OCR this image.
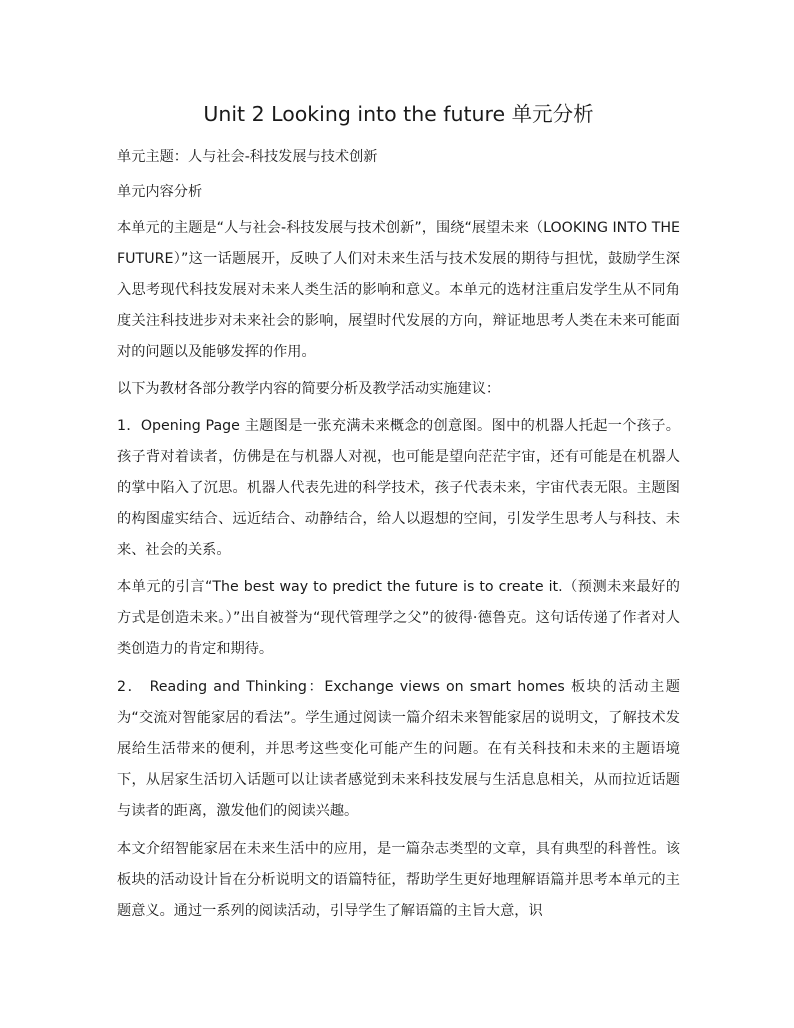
Unit 2 Looking into the future 单元分析
单元主题：人与社会-科技发展与技术创新
单元内容分析
本单元的主题是“人与社会-科技发展与技术创新”，围绕“展望未来（LOOKING INTO THE FUTURE）”这一话题展开，反映了人们对未来生活与技术发展的期待与担忧，鼓励学生深入思考现代科技发展对未来人类生活的影响和意义。本单元的选材注重启发学生从不同角度关注科技进步对未来社会的影响，展望时代发展的方向，辩证地思考人类在未来可能面对的问题以及能够发挥的作用。
以下为教材各部分教学内容的简要分析及教学活动实施建议：
1．Opening Page 主题图是一张充满未来概念的创意图。图中的机器人托起一个孩子。孩子背对着读者，仿佛是在与机器人对视，也可能是望向茫茫宇宙，还有可能是在机器人的掌中陷入了沉思。机器人代表先进的科学技术，孩子代表未来，宇宙代表无限。主题图的构图虚实结合、远近结合、动静结合，给人以遐想的空间，引发学生思考人与科技、未来、社会的关系。
本单元的引言“The best way to predict the future is to create it.（预测未来最好的方式是创造未来。）”出自被誉为“现代管理学之父”的彼得·德鲁克。这句话传递了作者对人类创造力的肯定和期待。
2． Reading and Thinking：Exchange views on smart homes 板块的活动主题为“交流对智能家居的看法”。学生通过阅读一篇介绍未来智能家居的说明文，了解技术发展给生活带来的便利，并思考这些变化可能产生的问题。在有关科技和未来的主题语境下，从居家生活切入话题可以让读者感觉到未来科技发展与生活息息相关，从而拉近话题与读者的距离，激发他们的阅读兴趣。
本文介绍智能家居在未来生活中的应用，是一篇杂志类型的文章，具有典型的科普性。该板块的活动设计旨在分析说明文的语篇特征，帮助学生更好地理解语篇并思考本单元的主题意义。通过一系列的阅读活动，引导学生了解语篇的主旨大意，识
